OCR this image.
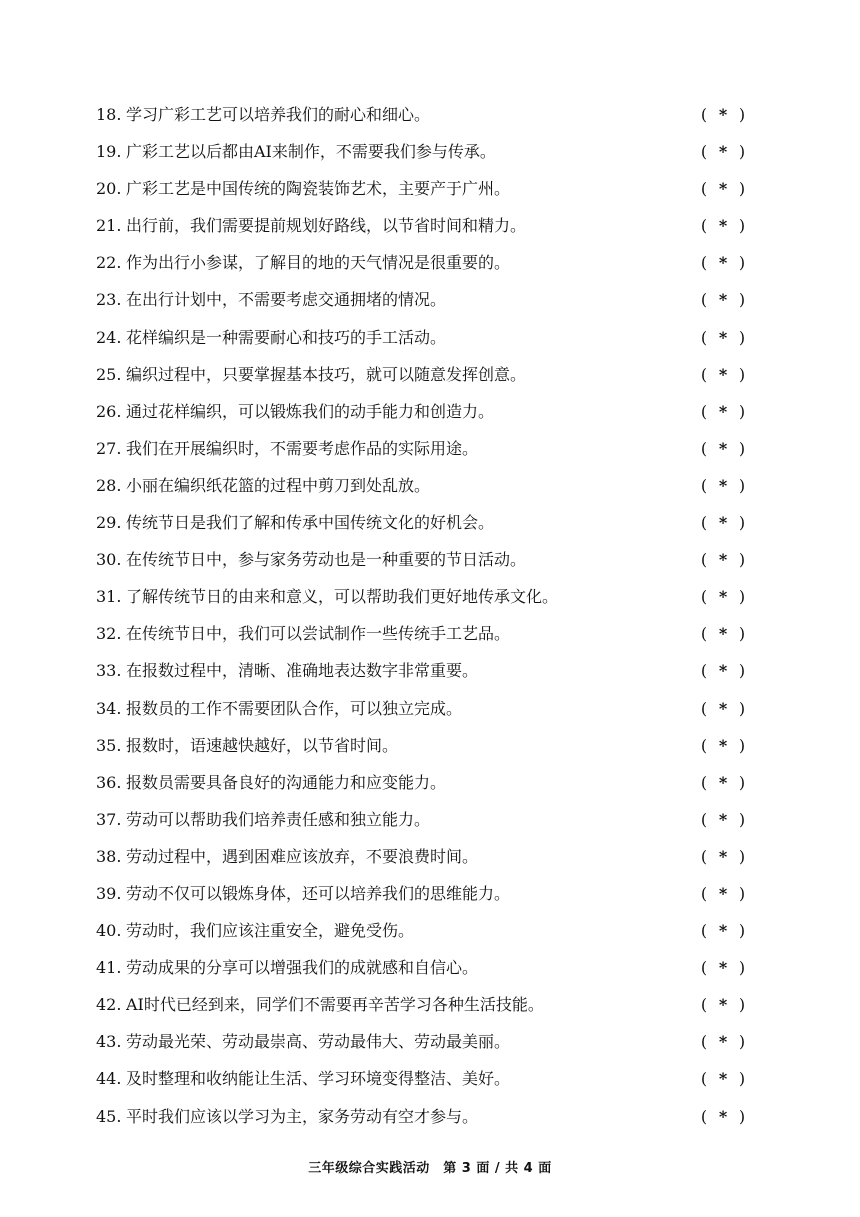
18. 学习广彩工艺可以培养我们的耐心和细心。	( * )
19. 广彩工艺以后都由AI来制作，不需要我们参与传承。	( * )
20. 广彩工艺是中国传统的陶瓷装饰艺术，主要产于广州。	( * )
21. 出行前，我们需要提前规划好路线，以节省时间和精力。	( * )
22. 作为出行小参谋，了解目的地的天气情况是很重要的。	( * )
23. 在出行计划中，不需要考虑交通拥堵的情况。	( * )
24. 花样编织是一种需要耐心和技巧的手工活动。	( * )
25. 编织过程中，只要掌握基本技巧，就可以随意发挥创意。	( * )
26. 通过花样编织，可以锻炼我们的动手能力和创造力。	( * )
27. 我们在开展编织时，不需要考虑作品的实际用途。	( * )
28. 小丽在编织纸花篮的过程中剪刀到处乱放。	( * )
29. 传统节日是我们了解和传承中国传统文化的好机会。	( * )
30. 在传统节日中，参与家务劳动也是一种重要的节日活动。	( * )
31. 了解传统节日的由来和意义，可以帮助我们更好地传承文化。	( * )
32. 在传统节日中，我们可以尝试制作一些传统手工艺品。	( * )
33. 在报数过程中，清晰、准确地表达数字非常重要。	( * )
34. 报数员的工作不需要团队合作，可以独立完成。	( * )
35. 报数时，语速越快越好，以节省时间。	( * )
36. 报数员需要具备良好的沟通能力和应变能力。	( * )
37. 劳动可以帮助我们培养责任感和独立能力。	( * )
38. 劳动过程中，遇到困难应该放弃，不要浪费时间。	( * )
39. 劳动不仅可以锻炼身体，还可以培养我们的思维能力。	( * )
40. 劳动时，我们应该注重安全，避免受伤。	( * )
41. 劳动成果的分享可以增强我们的成就感和自信心。	( * )
42. AI时代已经到来，同学们不需要再辛苦学习各种生活技能。	( * )
43. 劳动最光荣、劳动最崇高、劳动最伟大、劳动最美丽。	( * )
44. 及时整理和收纳能让生活、学习环境变得整洁、美好。	( * )
45. 平时我们应该以学习为主，家务劳动有空才参与。	( * )
三年级综合实践活动　第 3 面 / 共 4 面
